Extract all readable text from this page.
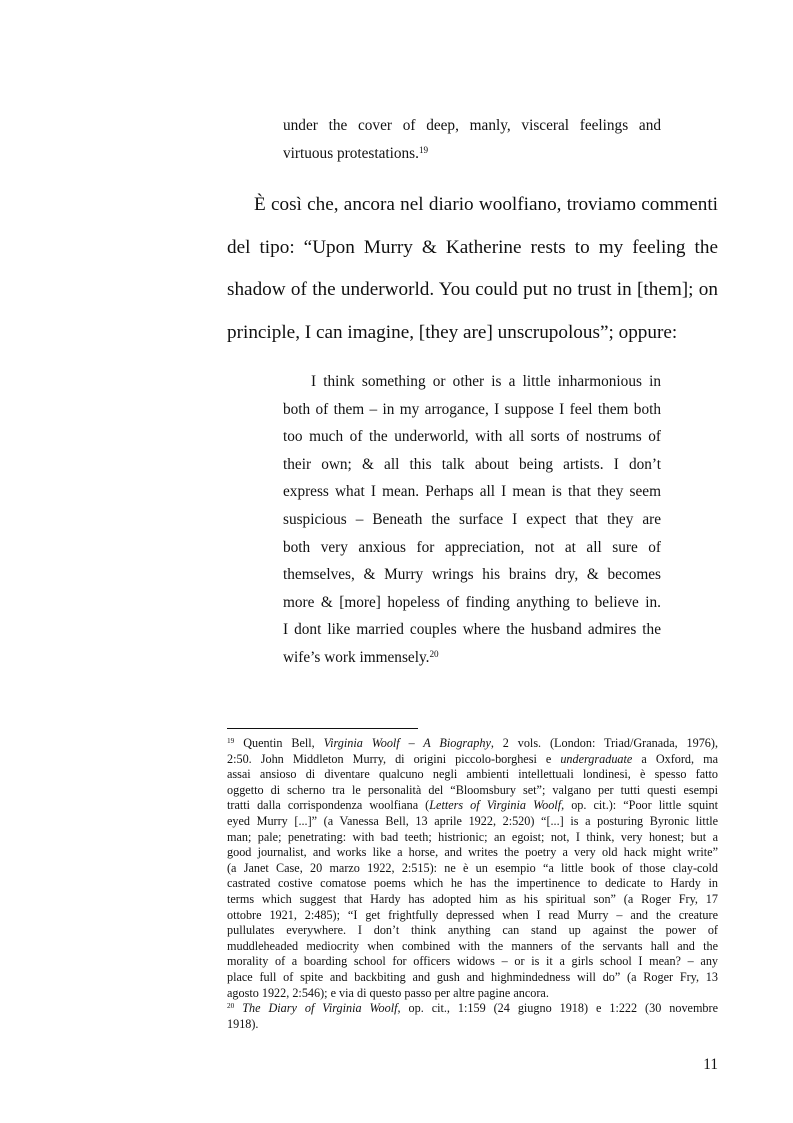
under the cover of deep, manly, visceral feelings and
virtuous protestations.$^{19}$
È così che, ancora nel diario woolfiano, troviamo commenti
del tipo: “Upon Murry & Katherine rests to my feeling the
shadow of the underworld. You could put no trust in [them]; on
principle, I can imagine, [they are] unscrupolous”; oppure:
I think something or other is a little inharmonious in
both of them – in my arrogance, I suppose I feel them both
too much of the underworld, with all sorts of nostrums of
their own; & all this talk about being artists. I don’t
express what I mean. Perhaps all I mean is that they seem
suspicious – Beneath the surface I expect that they are
both very anxious for appreciation, not at all sure of
themselves, & Murry wrings his brains dry, & becomes
more & [more] hopeless of finding anything to believe in.
I dont like married couples where the husband admires the
wife’s work immensely.$^{20}$
$^{19}$ Quentin Bell, Virginia Woolf – A Biography, 2 vols. (London: Triad/Granada, 1976),
2:50. John Middleton Murry, di origini piccolo-borghesi e undergraduate a Oxford, ma
assai ansioso di diventare qualcuno negli ambienti intellettuali londinesi, è spesso fatto
oggetto di scherno tra le personalità del “Bloomsbury set”; valgano per tutti questi esempi
tratti dalla corrispondenza woolfiana (Letters of Virginia Woolf, op. cit.): “Poor little squint
eyed Murry [...]” (a Vanessa Bell, 13 aprile 1922, 2:520) “[...] is a posturing Byronic little
man; pale; penetrating: with bad teeth; histrionic; an egoist; not, I think, very honest; but a
good journalist, and works like a horse, and writes the poetry a very old hack might write”
(a Janet Case, 20 marzo 1922, 2:515): ne è un esempio “a little book of those clay-cold
castrated costive comatose poems which he has the impertinence to dedicate to Hardy in
terms which suggest that Hardy has adopted him as his spiritual son” (a Roger Fry, 17
ottobre 1921, 2:485); “I get frightfully depressed when I read Murry – and the creature
pullulates everywhere. I don’t think anything can stand up against the power of
muddleheaded mediocrity when combined with the manners of the servants hall and the
morality of a boarding school for officers widows – or is it a girls school I mean? – any
place full of spite and backbiting and gush and highmindedness will do” (a Roger Fry, 13
agosto 1922, 2:546); e via di questo passo per altre pagine ancora.
$^{20}$ The Diary of Virginia Woolf, op. cit., 1:159 (24 giugno 1918) e 1:222 (30 novembre
1918).
11
